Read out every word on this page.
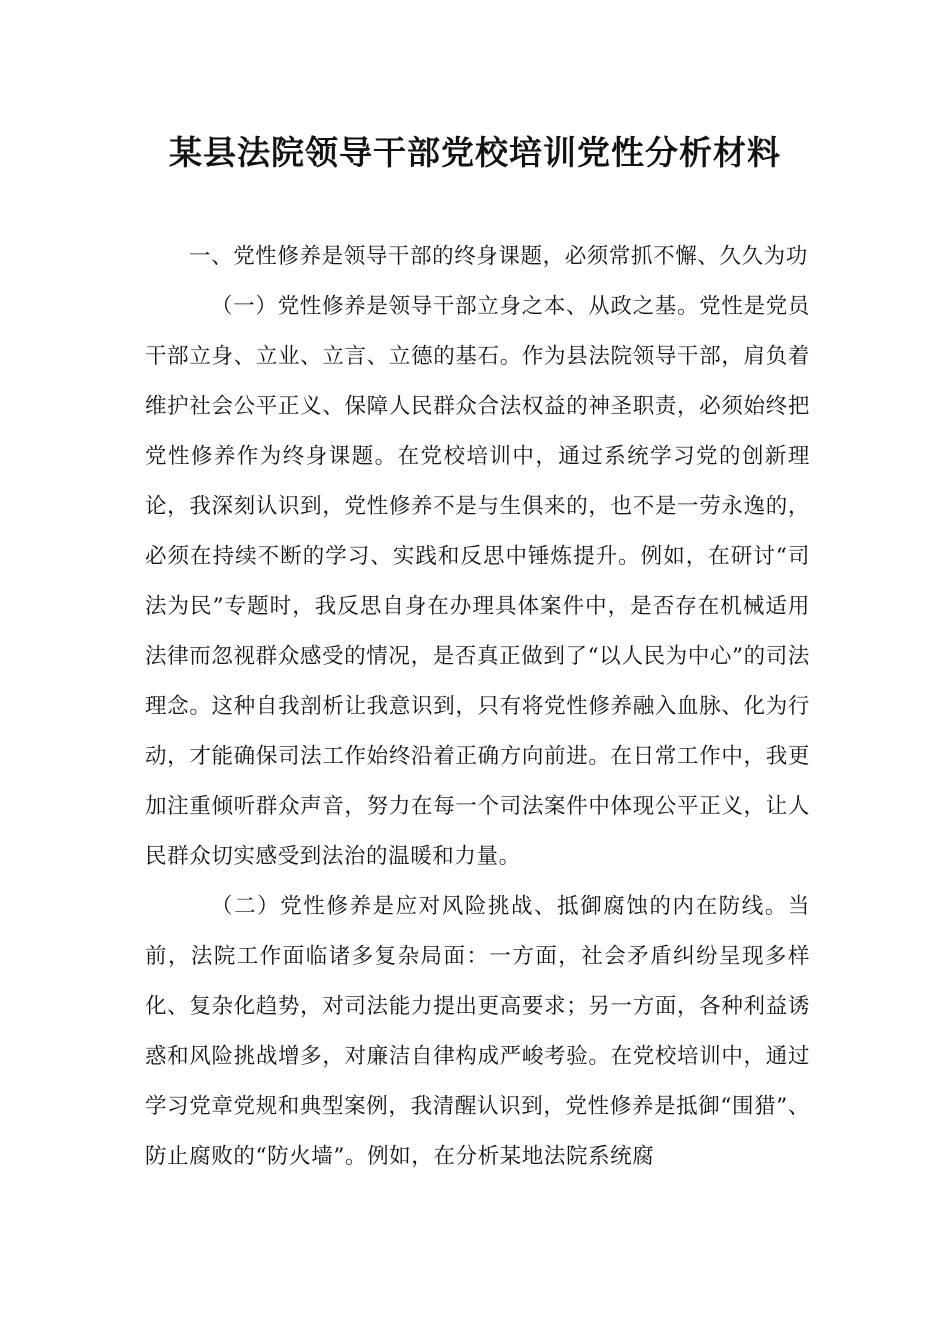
某县法院领导干部党校培训党性分析材料

一、党性修养是领导干部的终身课题，必须常抓不懈、久久为功

（一）党性修养是领导干部立身之本、从政之基。党性是党员干部立身、立业、立言、立德的基石。作为县法院领导干部，肩负着维护社会公平正义、保障人民群众合法权益的神圣职责，必须始终把党性修养作为终身课题。在党校培训中，通过系统学习党的创新理论，我深刻认识到，党性修养不是与生俱来的，也不是一劳永逸的，必须在持续不断的学习、实践和反思中锤炼提升。例如，在研讨“司法为民”专题时，我反思自身在办理具体案件中，是否存在机械适用法律而忽视群众感受的情况，是否真正做到了“以人民为中心”的司法理念。这种自我剖析让我意识到，只有将党性修养融入血脉、化为行动，才能确保司法工作始终沿着正确方向前进。在日常工作中，我更加注重倾听群众声音，努力在每一个司法案件中体现公平正义，让人民群众切实感受到法治的温暖和力量。

（二）党性修养是应对风险挑战、抵御腐蚀的内在防线。当前，法院工作面临诸多复杂局面：一方面，社会矛盾纠纷呈现多样化、复杂化趋势，对司法能力提出更高要求；另一方面，各种利益诱惑和风险挑战增多，对廉洁自律构成严峻考验。在党校培训中，通过学习党章党规和典型案例，我清醒认识到，党性修养是抵御“围猎”、防止腐败的“防火墙”。例如，在分析某地法院系统腐
